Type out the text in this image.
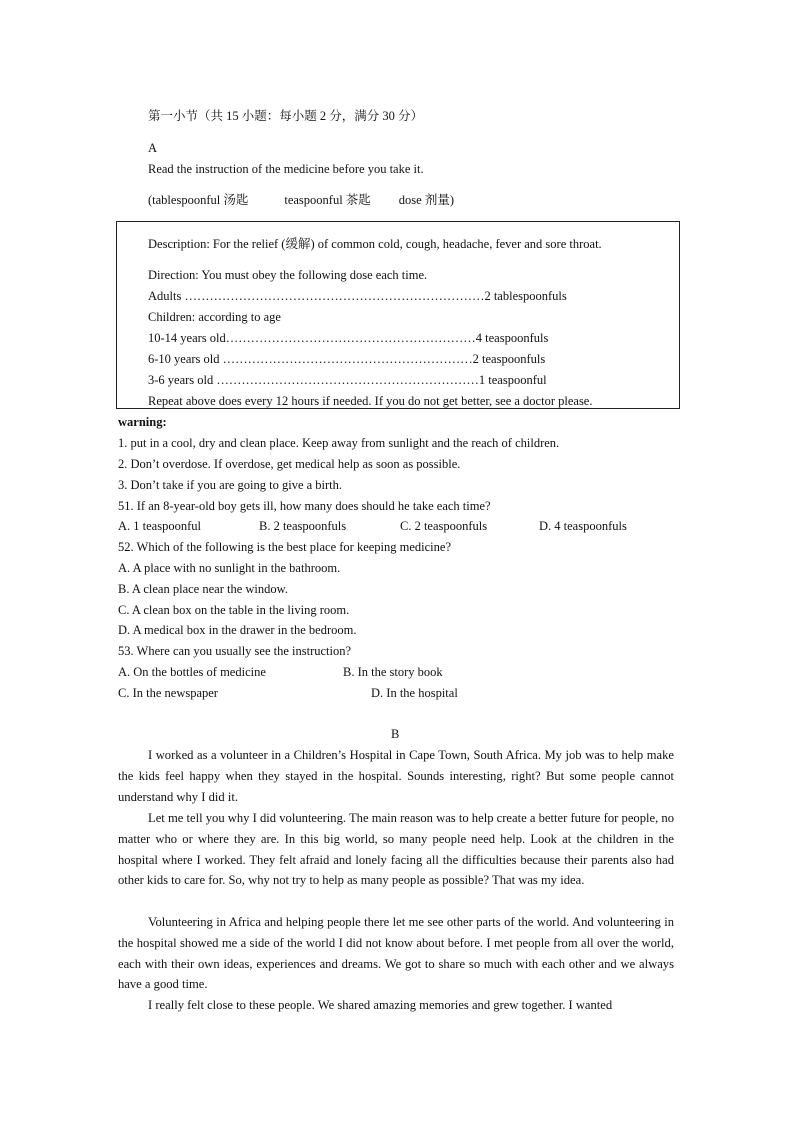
第一小节（共 15 小题：每小题 2 分，满分 30 分）
A
Read the instruction of the medicine before you take it.
(tablespoonful 汤匙	teaspoonful 茶匙 dose 剂量)
Description: For the relief (缓解) of common cold, cough, headache, fever and sore throat.
Direction: You must obey the following dose each time.
Adults ………………………………………………………………2 tablespoonfuls
Children: according to age
10-14 years old……………………………………………………4 teaspoonfuls
6-10 years old ……………………………………………………2 teaspoonfuls
3-6 years old ………………………………………………………1 teaspoonful
Repeat above does every 12 hours if needed. If you do not get better, see a doctor please.
warning:
1. put in a cool, dry and clean place. Keep away from sunlight and the reach of children.
2. Don’t overdose. If overdose, get medical help as soon as possible.
3. Don’t take if you are going to give a birth.
51. If an 8-year-old boy gets ill, how many does should he take each time?
A. 1 teaspoonful	B. 2 teaspoonfuls	C. 2 teaspoonfuls	D. 4 teaspoonfuls
52. Which of the following is the best place for keeping medicine?
A. A place with no sunlight in the bathroom.
B. A clean place near the window.
C. A clean box on the table in the living room.
D. A medical box in the drawer in the bedroom.
53. Where can you usually see the instruction?
A. On the bottles of medicine	B. In the story book
C. In the newspaper	D. In the hospital
B

I worked as a volunteer in a Children’s Hospital in Cape Town, South Africa. My job was to help make the kids feel happy when they stayed in the hospital. Sounds interesting, right? But some people cannot understand why I did it.

Let me tell you why I did volunteering. The main reason was to help create a better future for people, no matter who or where they are. In this big world, so many people need help. Look at the children in the hospital where I worked. They felt afraid and lonely facing all the difficulties because their parents also had other kids to care for. So, why not try to help as many people as possible? That was my idea.

Volunteering in Africa and helping people there let me see other parts of the world. And volunteering in the hospital showed me a side of the world I did not know about before. I met people from all over the world, each with their own ideas, experiences and dreams. We got to share so much with each other and we always have a good time.

I really felt close to these people. We shared amazing memories and grew together. I wanted
